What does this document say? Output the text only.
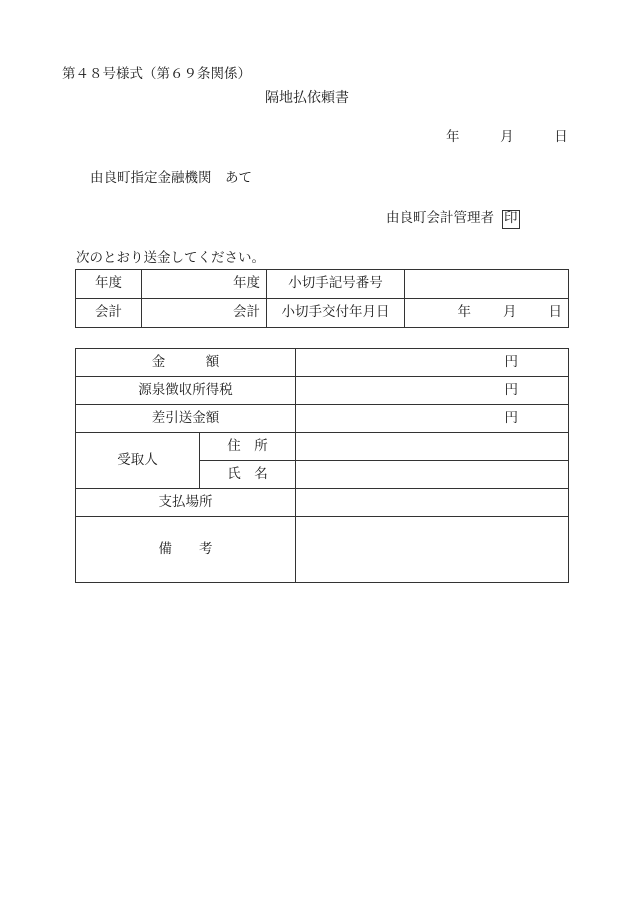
第４８号様式（第６９条関係）
隔地払依頼書
年	月	日
由良町指定金融機関　あて
由良町会計管理者 印
次のとおり送金してください。
年度	年度	小切手記号番号	
会計	会計	小切手交付年月日	年 月 日
金　　　額		円
源泉徴収所得税		円
差引送金額		円
受取人	住　所	
	氏　名	
支払場所		
備　　考		
